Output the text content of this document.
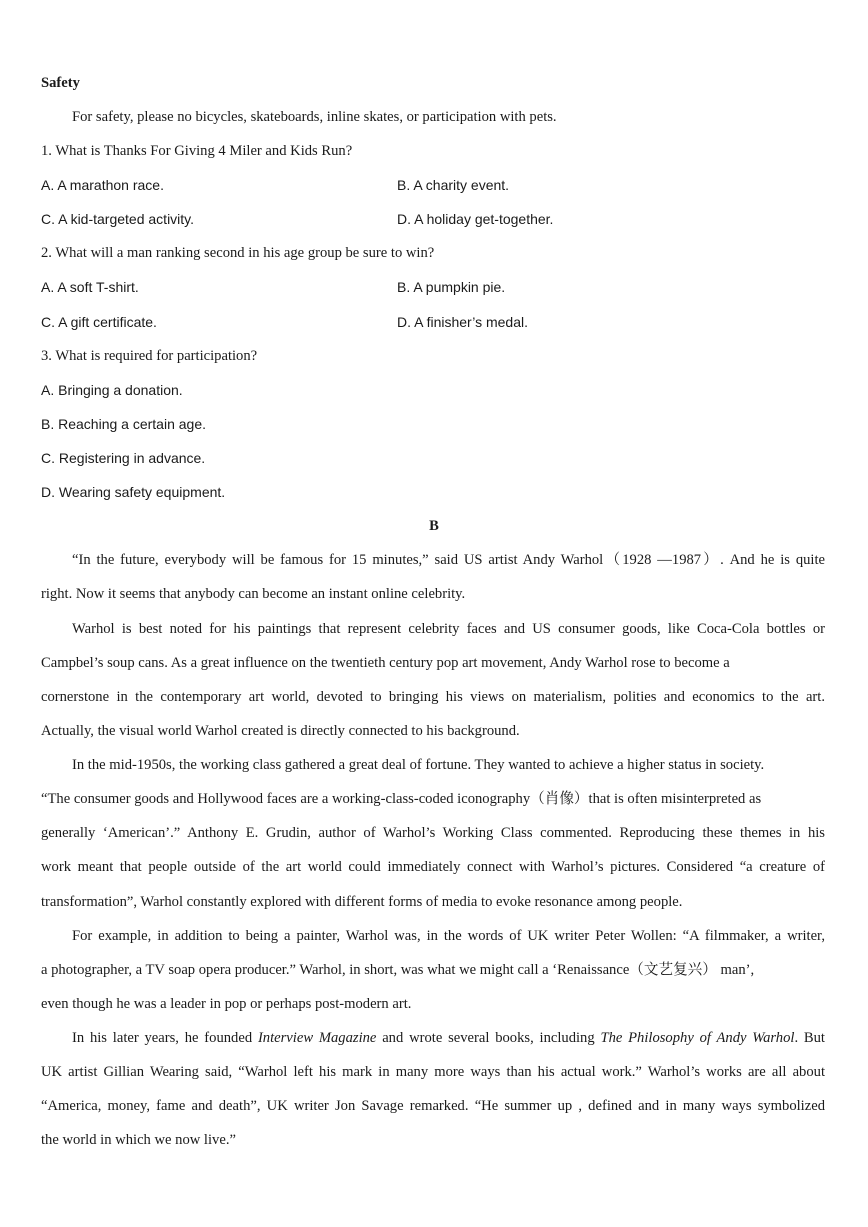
Safety
For safety, please no bicycles, skateboards, inline skates, or participation with pets.
1. What is Thanks For Giving 4 Miler and Kids Run?
A. A marathon race.	B. A charity event.
C. A kid-targeted activity.	D. A holiday get-together.
2. What will a man ranking second in his age group be sure to win?
A. A soft T-shirt.	B. A pumpkin pie.
C. A gift certificate.	D. A finisher’s medal.
3. What is required for participation?
A. Bringing a donation.
B. Reaching a certain age.
C. Registering in advance.
D. Wearing safety equipment.
B
“In the future, everybody will be famous for 15 minutes,” said US artist Andy Warhol（1928 —1987）. And he is quite
right. Now it seems that anybody can become an instant online celebrity.
Warhol is best noted for his paintings that represent celebrity faces and US consumer goods, like Coca-Cola bottles or
Campbel’s soup cans. As a great influence on the twentieth century pop art movement, Andy Warhol rose to become a
cornerstone in the contemporary art world, devoted to bringing his views on materialism, polities and economics to the art.
Actually, the visual world Warhol created is directly connected to his background.
In the mid-1950s, the working class gathered a great deal of fortune. They wanted to achieve a higher status in society.
“The consumer goods and Hollywood faces are a working-class-coded iconography（肖像）that is often misinterpreted as
generally ‘American’.” Anthony E. Grudin, author of Warhol’s Working Class commented. Reproducing these themes in his
work meant that people outside of the art world could immediately connect with Warhol’s pictures. Considered “a creature of
transformation”, Warhol constantly explored with different forms of media to evoke resonance among people.
For example, in addition to being a painter, Warhol was, in the words of UK writer Peter Wollen: “A filmmaker, a writer,
a photographer, a TV soap opera producer.” Warhol, in short, was what we might call a ‘Renaissance（文艺复兴） man’,
even though he was a leader in pop or perhaps post-modern art.
In his later years, he founded Interview Magazine and wrote several books, including The Philosophy of Andy Warhol. But
UK artist Gillian Wearing said, “Warhol left his mark in many more ways than his actual work.” Warhol’s works are all about
“America, money, fame and death”, UK writer Jon Savage remarked. “He summer up , defined and in many ways symbolized
the world in which we now live.”
